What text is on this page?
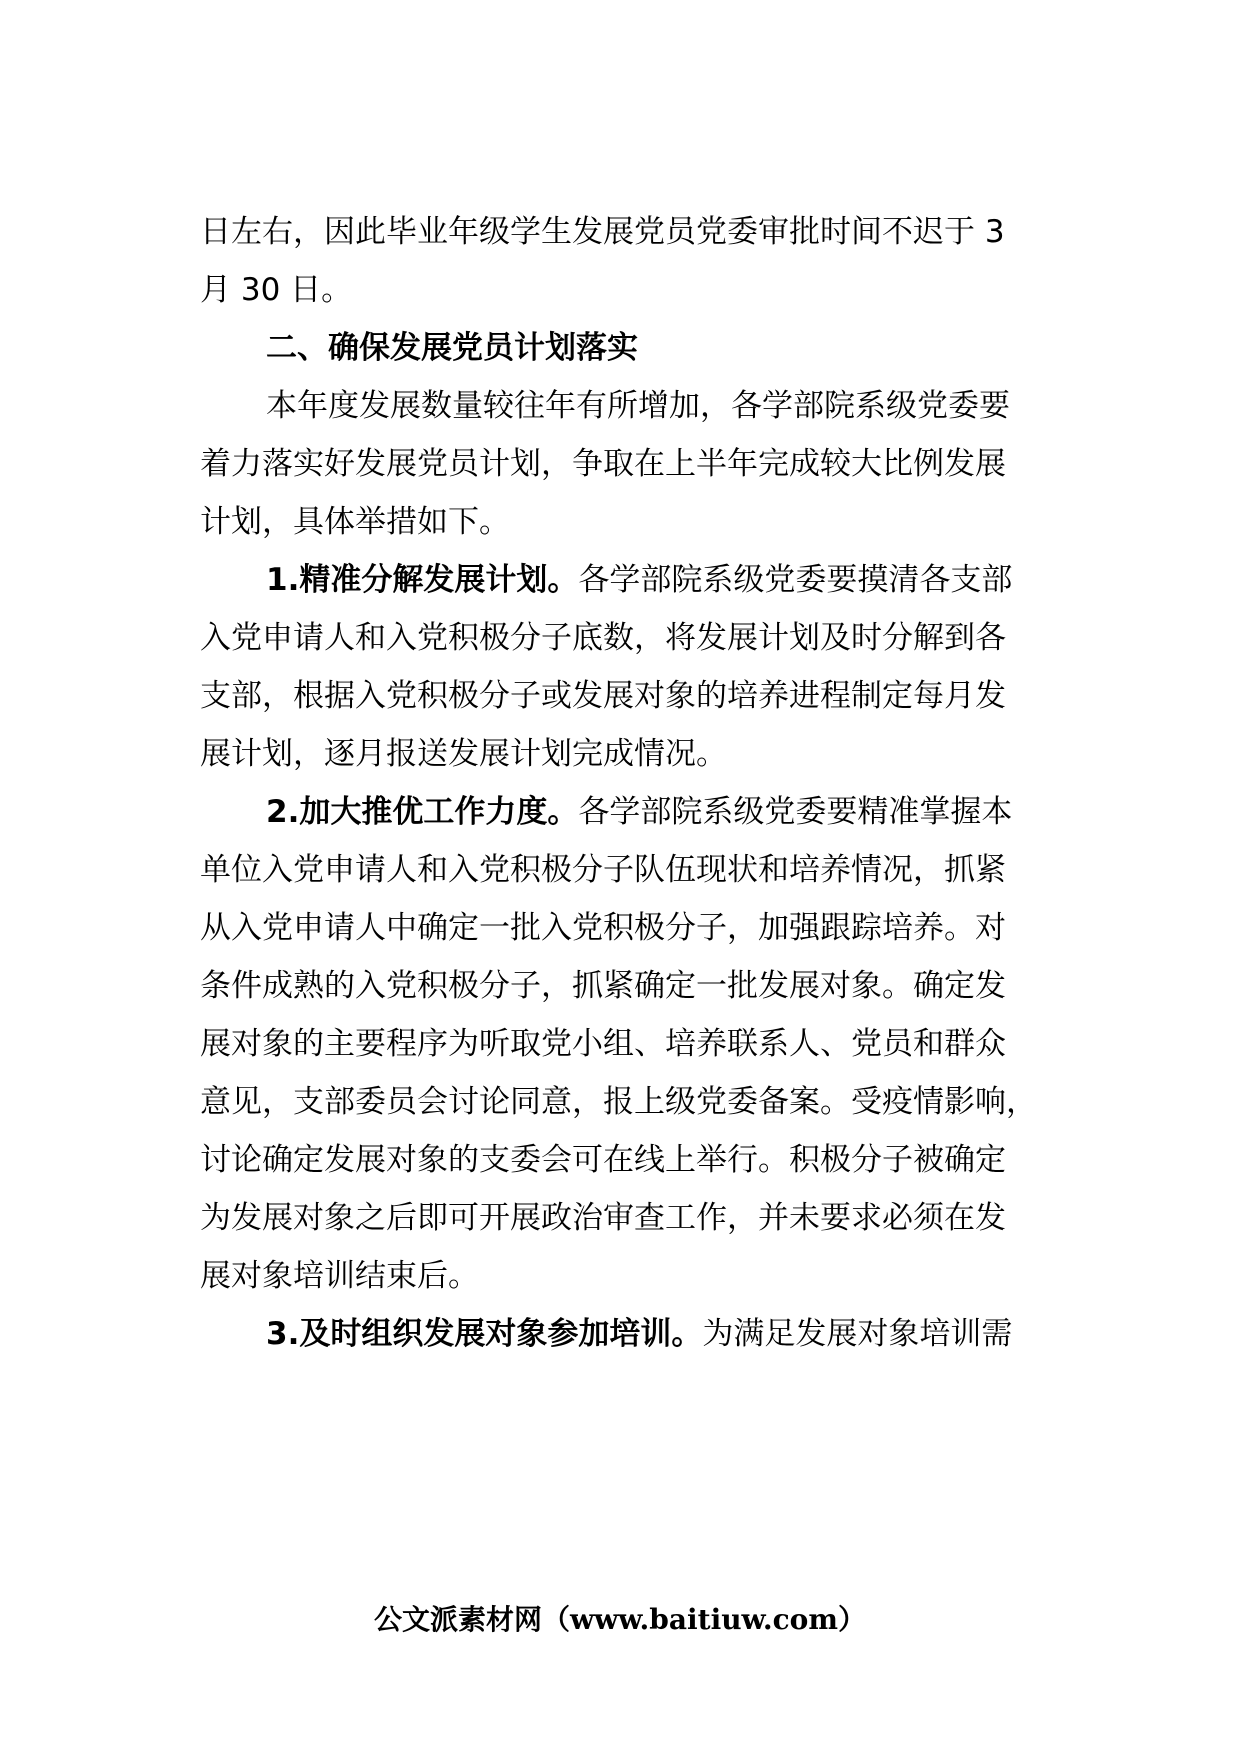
日左右，因此毕业年级学生发展党员党委审批时间不迟于 3
月 30 日。
二、确保发展党员计划落实
本年度发展数量较往年有所增加，各学部院系级党委要
着力落实好发展党员计划，争取在上半年完成较大比例发展
计划，具体举措如下。
1.精准分解发展计划。各学部院系级党委要摸清各支部
入党申请人和入党积极分子底数，将发展计划及时分解到各
支部，根据入党积极分子或发展对象的培养进程制定每月发
展计划，逐月报送发展计划完成情况。
2.加大推优工作力度。各学部院系级党委要精准掌握本
单位入党申请人和入党积极分子队伍现状和培养情况，抓紧
从入党申请人中确定一批入党积极分子，加强跟踪培养。对
条件成熟的入党积极分子，抓紧确定一批发展对象。确定发
展对象的主要程序为听取党小组、培养联系人、党员和群众
意见，支部委员会讨论同意，报上级党委备案。受疫情影响，
讨论确定发展对象的支委会可在线上举行。积极分子被确定
为发展对象之后即可开展政治审查工作，并未要求必须在发
展对象培训结束后。
3.及时组织发展对象参加培训。为满足发展对象培训需
公文派素材网（www.baitiuw.com）
